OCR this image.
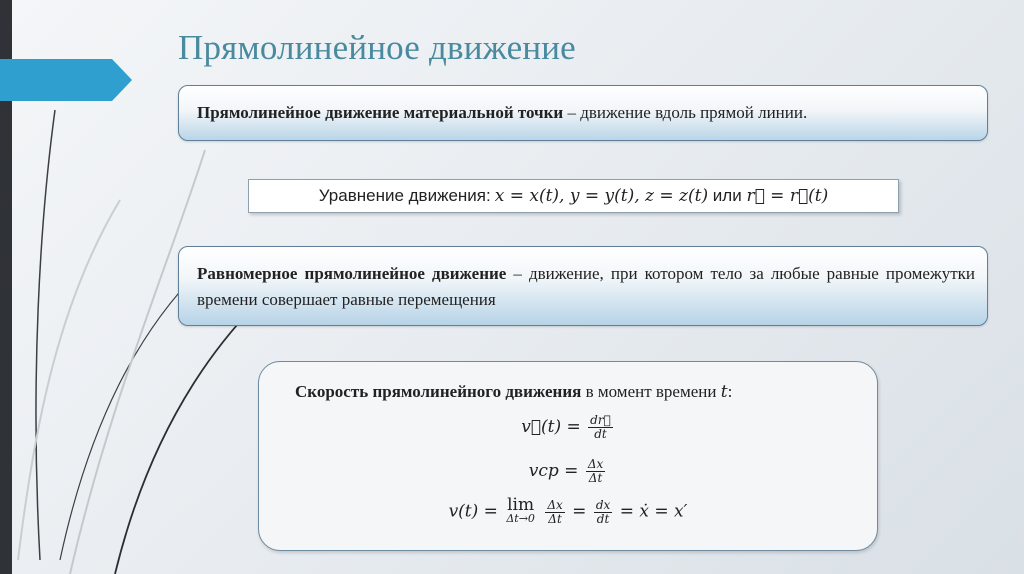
Прямолинейное движение
Прямолинейное движение материальной точки – движение вдоль прямой линии.
Уравнение движения: x = x(t), y = y(t), z = z(t) или r⃗ = r⃗(t)
Равномерное прямолинейное движение – движение, при котором тело за любые равные промежутки времени совершает равные перемещения
Скорость прямолинейного движения в момент времени t:
v⃗(t) = $\frac{dr⃗}{dt}$
vср = $\frac{\Delta x}{\Delta t}$
v(t) = lim
Δt→0
$\frac{\Delta x}{\Delta t} = \frac{dx}{dt}$ = ẋ = x′
